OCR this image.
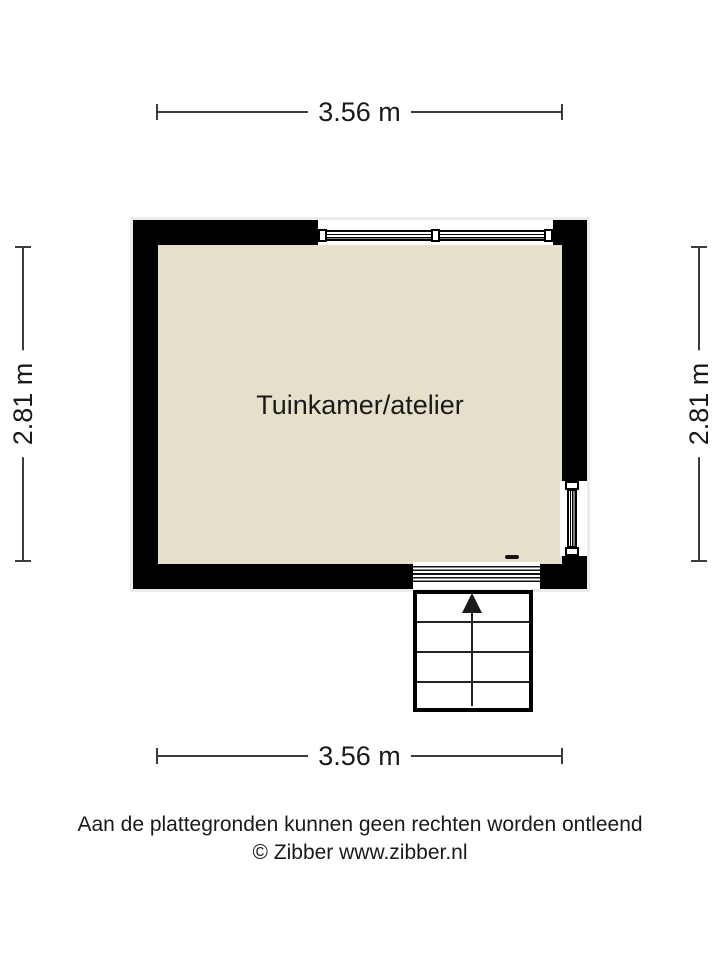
3.56 m
2.81 m	2.81 m
Tuinkamer/atelier
3.56 m
Aan de plattegronden kunnen geen rechten worden ontleend
© Zibber www.zibber.nl
